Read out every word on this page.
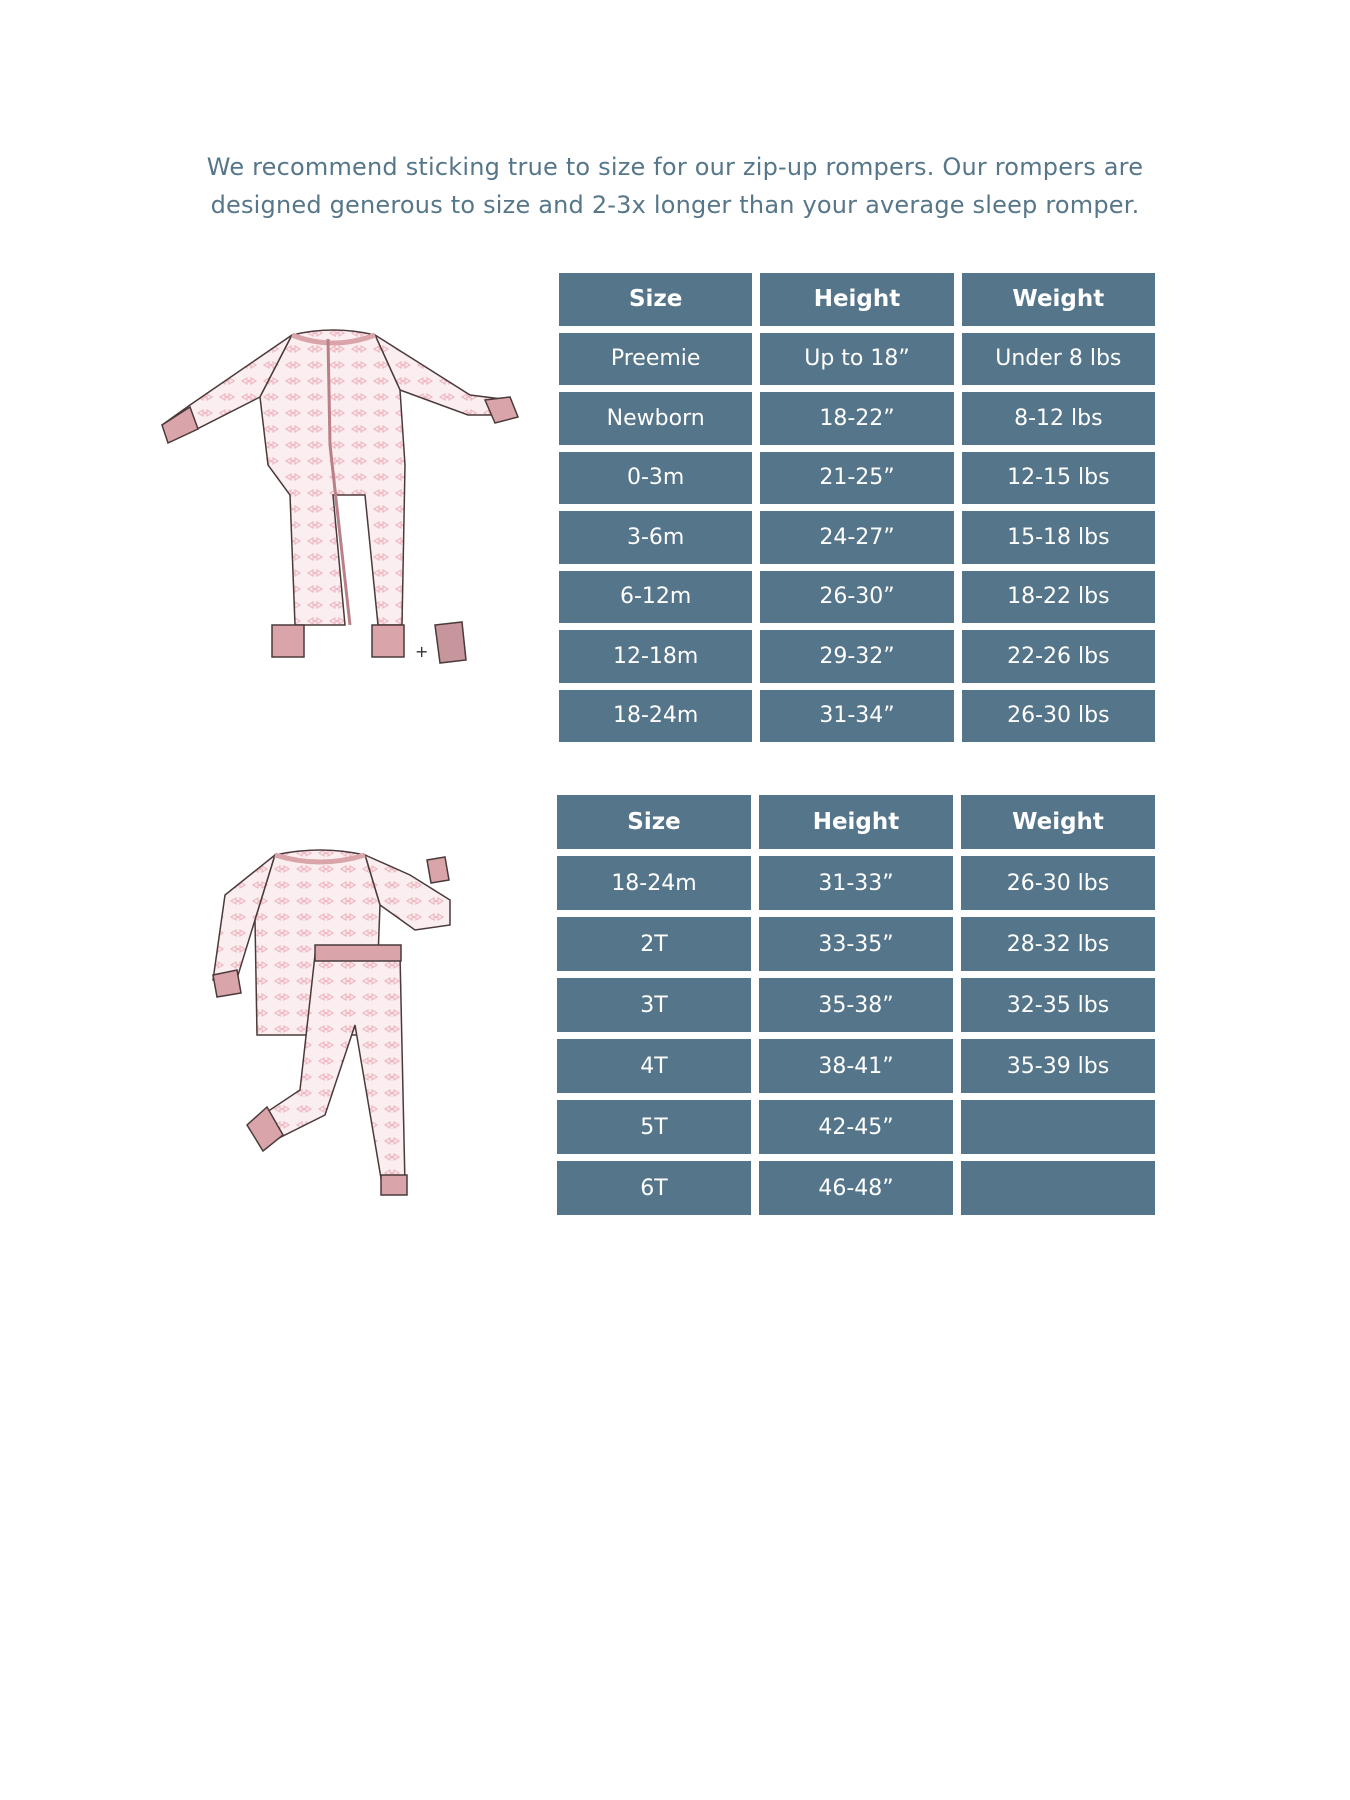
We recommend sticking true to size for our zip-up rompers. Our rompers are designed generous to size and 2-3x longer than your average sleep romper.

+
Size	Height	Weight
Preemie	Up to 18”	Under 8 lbs
Newborn	18-22”	8-12 lbs
0-3m	21-25”	12-15 lbs
3-6m	24-27”	15-18 lbs
6-12m	26-30”	18-22 lbs
12-18m	29-32”	22-26 lbs
18-24m	31-34”	26-30 lbs
Size	Height	Weight
18-24m	31-33”	26-30 lbs
2T	33-35”	28-32 lbs
3T	35-38”	32-35 lbs
4T	38-41”	35-39 lbs
5T	42-45”	
6T	46-48”	
